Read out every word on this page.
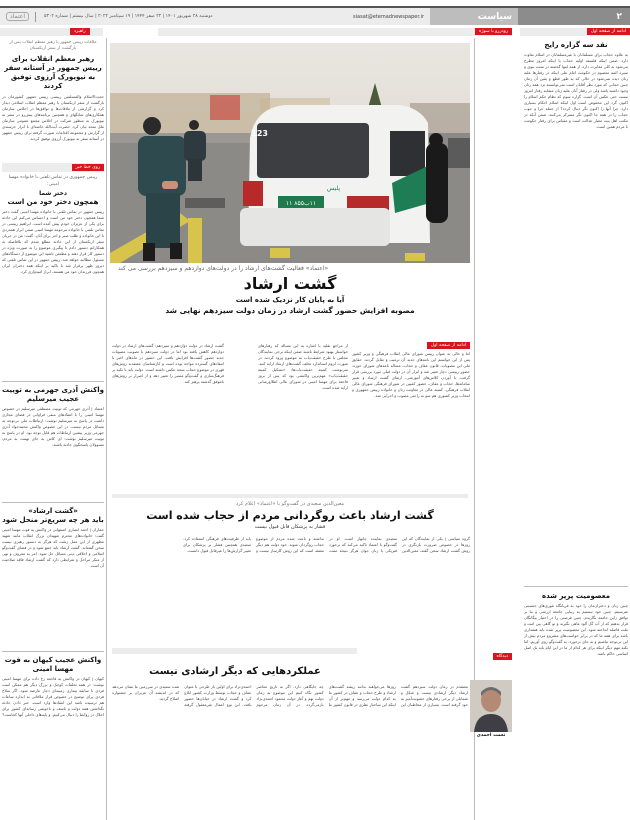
اعتماد	دوشنبه ۲۸ شهریور ۱۴۰۱ | ۲۲ صفر ۱۴۴۴ | ۱۹ سپتامبر ۲۰۲۲ | سال بیستم | شماره ۵۳۰۲	siasat@etemadnewspaper.ir	سیاست	۲
ادامه از صفحه اول
رودررو با سوژه
راهبرد
ملاقات رییس جمهور با رهبر معظم انقلاب پس از بازگشت از سفر ازبکستان
رهبر معظم انقلاب برای رییس جمهور در آستانه سفر به نیویورک آرزوی توفیق کردند
حجت‌الاسلام والمسلمین رییسی رییس جمهور کشورمان در بازگشت از سفر ازبکستان با رهبر معظم انقلاب اسلامی دیدار کرد و گزارشی از ملاقات‌ها و توافق‌ها در اجلاس سازمان همکاری‌های شانگهای و همچنین برنامه‌های پیش‌رو در سفر به نیویورک به منظور شرکت در اجلاس مجمع عمومی سازمان ملل متحد بیان کرد. حضرت آیت‌الله خامنه‌ای با ابراز خرسندی از گزارش و مجموعه اقدامات صورت گرفته برای رییس جمهور در آستانه سفر به نیویورک آرزوی توفیق کردند.
روی خط خبر
رییس جمهوری در تماس تلفنی با خانواده مهسا امینی:
دختر شما
همچون دختر خود من است
رییس جمهور در تماس تلفنی با خانواده مهسا امینی گفت دختر شما همچون دختر خود من است و احساس می‌کنم این حادثه برای یکی از عزیزان خودم پیش آمده است. ابراهیم رییسی در تماس تلفنی با خانواده مرحومه مهسا امینی ضمن ابراز همدردی با این خانواده و طلب صبر و اجر برای آنان، گفت: من در جریان سفر ازبکستان از این حادثه مطلع شدم که بلافاصله به همکارانم دستور دادم تا پیگیری موضوع را به صورت ویژه در دستور کار قرار دهند و مطمئن باشید این موضوع از دستگاه‌های مسئول مطالبه خواهد شد. رییس جمهور در این تماس تلفنی که دیروز ظهر برقرار شد با تاکید بر اینکه همه دختران ایران همچون فرزندان خود من هستند، ابراز امیدواری کرد.
واکنش آذری جهرمی به توییت عجیب میرسلیم
اعتماد | آذری جهرمی که توییت مصطفی میرسلیم در خصوص مهسا امینی را با انتقادهای منفی فراوانی در فضای مجازی داشت در پاسخ به میرسلیم نوشت: ارتباطات ملی بی‌توجه به مسائل مردم نیست. در این خصوص واکنش محمدجواد آذری جهرمی وزیر پیشین ارتباطات هم قابل توجه بود. او در پاسخ به توییت میرسلیم نوشت: ای کاش به جای تهمت به مردم، مسوولان پاسخگوی حادثه باشند.
«گشت ارشاد»
باید هر چه سریع‌تر منحل شود
جماران | احمد انصاری اصفهانی در واکنش به فوت مهسا امینی گفت: خانواده‌های محترم شهیدان بزرگ انقلاب مانند شهید مطهری از این عمل زشت که هرگز به دستور رهبری نیست سخن گفته‌اند. گشت ارشاد باید جمع شود و در فضای گفت‌وگو اسلامی و اخلاقی دینی مسائل حل شود. امر به معروف و نهی از منکر مراحل و شرایطی دارد که گشت ارشاد فاقد صلاحیت آن است.
واکنش عجیب کیهان به فوت مهسا امینی
کیهان | کیهان در واکنش به فاجعه رخ داده برای مهسا امینی نوشت: در همه تخلفات کوچک و بزرگ دیگر هم ممکن است فردی با سابقه بیماری زمینه‌ای دچار عارضه شود. اگر سلاح فردی برای توضیح در خصوص قرار ملاقاتی به اندازه ساعات هم نرسیده باشد این انتقادها وارد است. خبر دادن حادثه نگذاشتن همه دولت و تاسف و ناخوشی رسانه‌ای کشور برای اخلال در روابط را دنبال می‌کنیم. و پایه‌های داخلی آنها کجاست؟
123
۱۱ب۸۵۵ ۱۱
پلیس
«اعتماد» فعالیت گشت‌های ارشاد را در دولت‌های دوازدهم و سیزدهم بررسی می کند
گشت ارشاد
آیا به پایان کار نزدیک شده است
مصوبه افزایش حضور گشت ارشاد در زمان دولت سیزدهم نهایی شد
ادامه از صفحه اول
اما و حالی به عنوان رییس شورای عالی انقلاب فرهنگی و وزیر کشور پس از این خواستم این نامه‌های جدید آن ترغیب و تقابل گردند. حقایق ملی این مصوبات، قانون عفاف و حجاب، مساله نامه‌های شورای حوزه، حضور رییسی دچار تغییر شد و ابزار آن در دولت قبلی مورد بررسی قرار گرفت. با آوردن کلاس‌های آموزشی، ارتقای گشت ارشاد و تغییر سامانه‌ها، حجاب و عفاف، حضور کمپین در شورای فرهنگی شورای عالی انقلاب فرهنگی، کمیته عالی در معاونت زنان و خانواده رییس جمهوری و انتخاب وزیر کشوری هم سو به راحتی مصوب و اجرایی شد.
از مراجع تقلید با اشاره به این مساله که رفتارهای خواستار بهبود شرایط باشند ضمن اینکه برخی نمایندگان مجلس با طرح حقیقت‌یاب به موضوع ورود کردند. در صورت لزوم استاندارد تخلف گشت‌های ارشاد ارایه کنید. سرنوشت کمیته حقیقت‌یاب‌ها: «تشکیل کمیته حقیقت‌یاب» مهم‌ترین واکنشی بود که پس از بروز فاجعه برای مهسا امینی در شورای عالی اطلاع‌رسانی ارایه شده است.
گشت ارشاد در دولت دوازدهم و سیزدهم: گشت‌های ارشاد در دولت دوازدهم کاهش یافته بود اما در دولت سیزدهم با تصویب مصوبات جدید حضور گشت‌ها افزایش یافت. این حضور در ماه‌های اخیر با انتقادهای گسترده مواجه بوده است و کارشناسان معتقدند روش‌های قهری در موضوع حجاب نتیجه عکس داشته است. دولت باید با تکیه بر فرهنگ‌سازی و گفت‌وگو مسیر را تغییر دهد و از اصرار بر روش‌های ناموفق گذشته پرهیز کند.
معین‌الدین سعیدی در گفت‌وگو با «اعتماد» اعلام کرد
گشت ارشاد باعث روگردانی مردم از حجاب شده است
فشار به پزشکان قابل قبول نیست
گروه سیاسی | یکی از نمایندگان که این روزها در خصوص ضرورت بازنگری در روش گشت ارشاد سخن گفته، معین‌الدین سعیدی نماینده چابهار است. او در گفت‌وگو با اعتماد تاکید می‌کند که برخورد فیزیکی با زنان جوان هرگز نتیجه مثبت نداشته و باعث شده مردم از موضوع حجاب روگردان شوند. خود دولت هم دیگر معتقد است که این روش کارساز نیست و باید از ظرفیت‌های فرهنگی استفاده کرد. سعیدی همچنین فشار بر پزشکان برای تغییر گزارش‌ها را غیرقابل قبول دانست.
دیدگاه
عملکردهایی که دیگر ارشادی نیست
نعمت احمدی
معتقدم در زمان دولت سیزدهم گشت ارشاد دیگر ارشادی نیست و شکل و شمایلی از برخی رفتارهای خشونت‌آمیز به خود گرفته است. بسیاری از مخاطبان این روزها می‌خواهند بدانند ریشه گشت‌های ارشاد و طرح حجاب و عفاف در کشور ما به کدام دولت می‌رسد و مهم‌تر از آن اینکه این ساختار نظری در قانون کشور ما چه جایگاهی دارد. اگر به تاریخ معاصر کشور نگاه کنیم این موضوع به زمان دولت نهم و آغاز دولت محمود احمدی‌نژاد بازمی‌گردد. در آن زمان مرحوم احمدی‌نژاد برای اولین بار طرحی با عنوان عفاف و حجاب توسط وزارت کشور ابلاغ کرد و گشت ارشاد در خیابان‌ها حضور یافت. این نوع اعمال غیرمعقول گرفته شده سعیدی در سرزمین ما نشان می‌دهد که در اندیشه آن عزیزان بر جشنواره اصلاح گردید.
نقد سه گزاره رایج
به علاوه حجاب برای مسلمانان با غیرمسلمانان در اسلام تفاوت دارد. ضمن اینکه فلسفه اولیه حجاب یا اینکه امروز مطرح می‌شود به کلی مغایرت دارد. از همه اینها گذشته در سنت نبوی و سیره ائمه معصوم در حکومت امام علی اینکه در رفتارها علیه زنان دیده نمی‌شود در حالی که به طور قطع و یقین آن زمان چنین حجابی که مورد نظر آقایان است نمی‌توانسته نزد همه زنان وجود داشته باشد ولی در رفتار آنان علیه زنان مشابه رفتار امروز نیست حتی عکس آن است. گزاره سوم که نظام حکم اسلام را اکنون گرد این مخفوض است اول اینکه اسلام احکام بسیاری دارد. چرا آنها را اکنون نگر دنبال کرده؟ از جمله جرا و جوب حجاب را در همه جا اکنون نگر متمرکز می‌کنند. ضمن آنکه در مکتب اهل بیت معیار عدالت است و مقیاس برای رفتار حکومت با مردم همین است.
معصومیت پرپر شده
چنین زنان و دختران‌مان را خود به قربانگاه تئوری‌های جنسیتی نفرستیم. چنین خود نیستیم به زیبایی جامعه ارزشی و بنا بر توافق زاین جامعه نگاریدم. چنین فرصتی را در اختیار بیگانگان قرار ندهیم که از آب گل آلود ماهی بگیرند و تو گاهی بین امت و ملت فاصله انداخته شود. این معصومیت پرپر شده باید هشداری باشد برای همه ما که در برابر خواست‌های مشروع مردم بیش از این بی‌توجه نباشیم و به جای برخورد، به گفت‌وگو روی آوریم. اما نکته مهم دیگر اینکه برای هر کدام از ما در این ایام باید یک اصل اساسی حاکم باشد.
